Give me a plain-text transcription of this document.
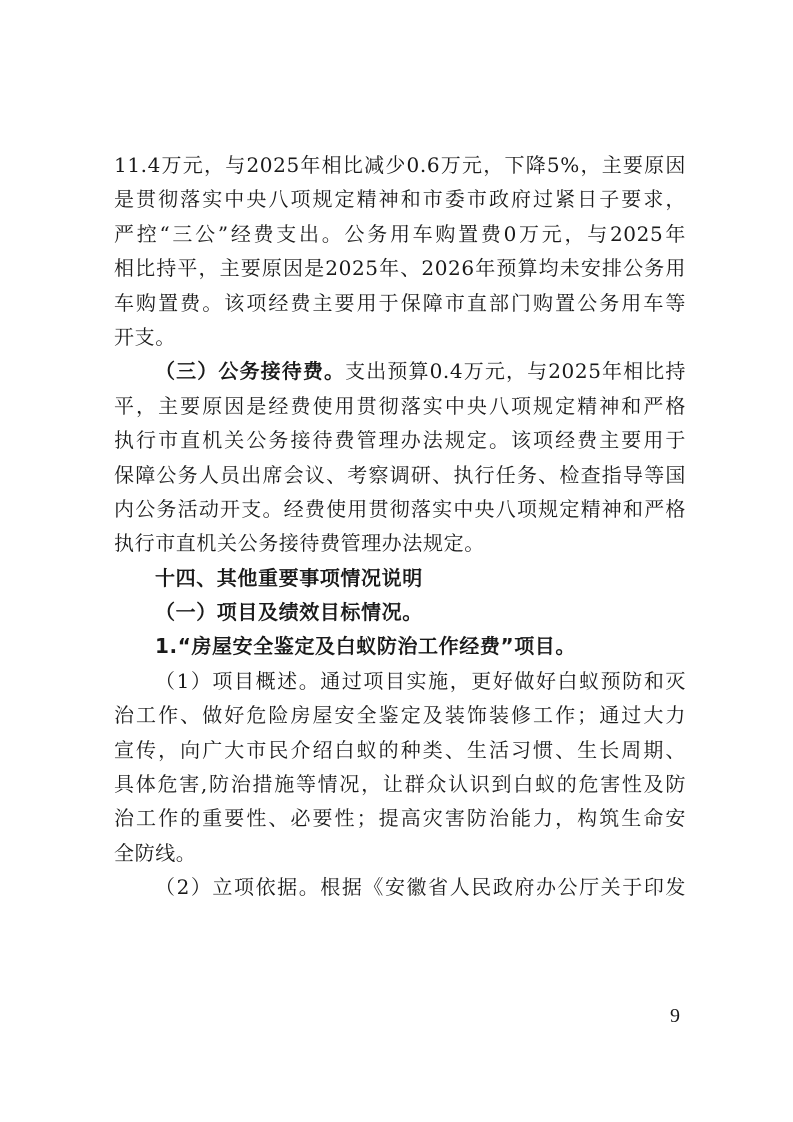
11.4万元，与2025年相比减少0.6万元，下降5%，主要原因
是贯彻落实中央八项规定精神和市委市政府过紧日子要求，
严控“三公”经费支出。公务用车购置费0万元，与2025年
相比持平，主要原因是2025年、2026年预算均未安排公务用
车购置费。该项经费主要用于保障市直部门购置公务用车等
开支。
（三）公务接待费。支出预算0.4万元，与2025年相比持
平，主要原因是经费使用贯彻落实中央八项规定精神和严格
执行市直机关公务接待费管理办法规定。该项经费主要用于
保障公务人员出席会议、考察调研、执行任务、检查指导等国
内公务活动开支。经费使用贯彻落实中央八项规定精神和严格
执行市直机关公务接待费管理办法规定。
十四、其他重要事项情况说明
（一）项目及绩效目标情况。
1.“房屋安全鉴定及白蚁防治工作经费”项目。
（1）项目概述。通过项目实施，更好做好白蚁预防和灭
治工作、做好危险房屋安全鉴定及装饰装修工作；通过大力
宣传，向广大市民介绍白蚁的种类、生活习惯、生长周期、
具体危害,防治措施等情况，让群众认识到白蚁的危害性及防
治工作的重要性、必要性；提高灾害防治能力，构筑生命安
全防线。
（2）立项依据。根据《安徽省人民政府办公厅关于印发
9
